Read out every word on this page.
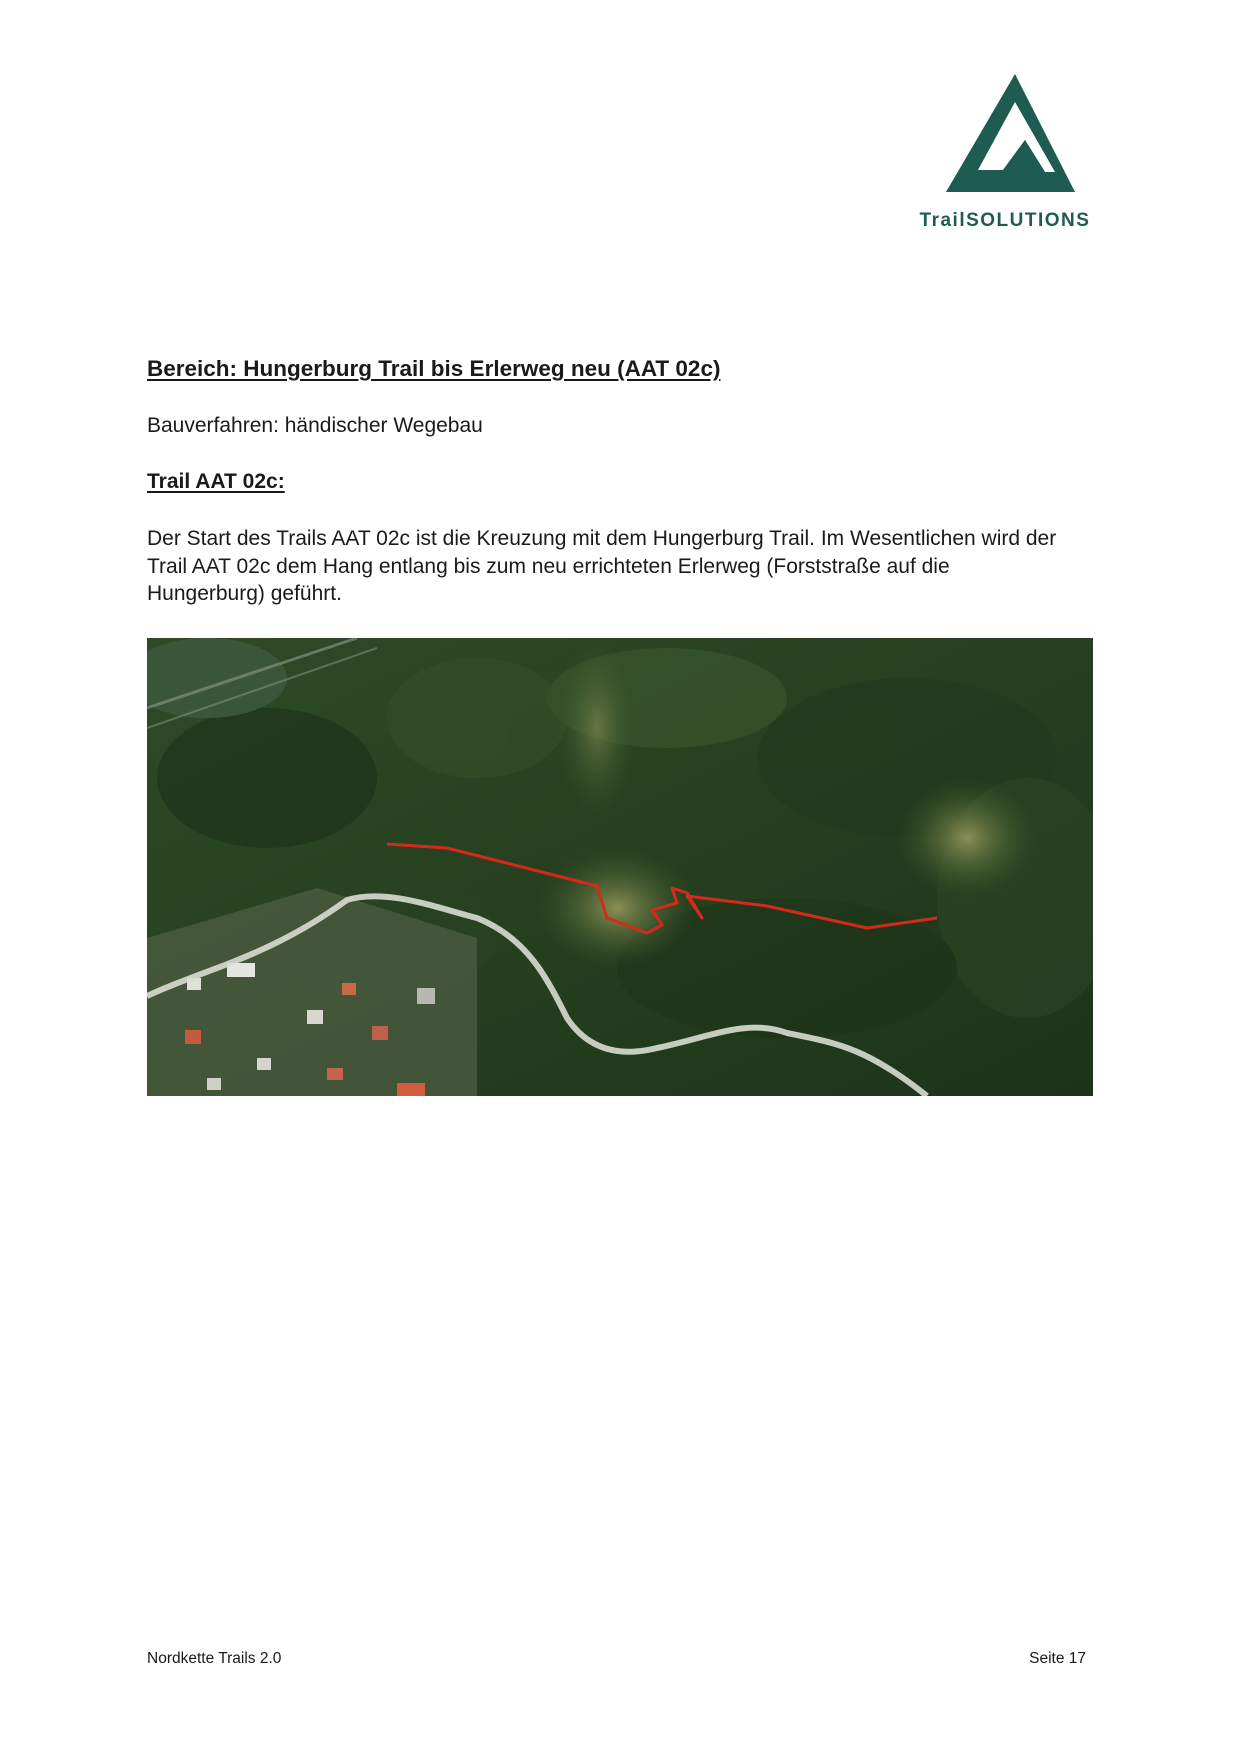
TrailSOLUTIONS
Bereich: Hungerburg Trail bis Erlerweg neu (AAT 02c)

Bauverfahren: händischer Wegebau

Trail AAT 02c:

Der Start des Trails AAT 02c ist die Kreuzung mit dem Hungerburg Trail. Im Wesentlichen wird der
Trail AAT 02c dem Hang entlang bis zum neu errichteten Erlerweg (Forststraße auf die
Hungerburg) geführt.

Nordkette Trails 2.0	Seite 17
